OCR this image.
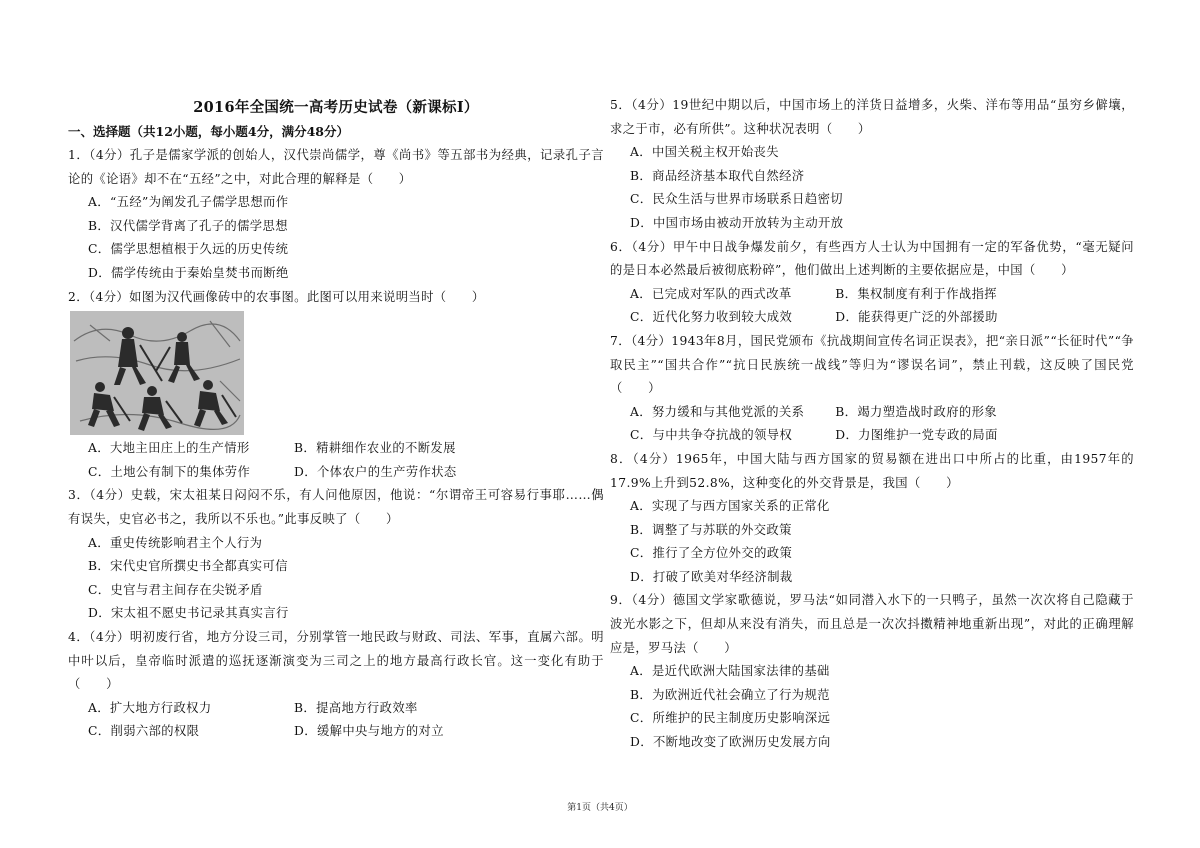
2016年全国统一高考历史试卷（新课标Ⅰ）
一、选择题（共12小题，每小题4分，满分48分）
1．（4分）孔子是儒家学派的创始人，汉代崇尚儒学，尊《尚书》等五部书为经典，记录孔子言论的《论语》却不在“五经”之中，对此合理的解释是（　　）
A．“五经”为阐发孔子儒学思想而作
B．汉代儒学背离了孔子的儒学思想
C．儒学思想植根于久远的历史传统
D．儒学传统由于秦始皇焚书而断绝
2．（4分）如图为汉代画像砖中的农事图。此图可以用来说明当时（　　）
A．大地主田庄上的生产情形	B．精耕细作农业的不断发展
C．土地公有制下的集体劳作	D．个体农户的生产劳作状态
3．（4分）史载，宋太祖某日闷闷不乐，有人问他原因，他说：“尔谓帝王可容易行事耶……偶有误失，史官必书之，我所以不乐也。”此事反映了（　　）
A．重史传统影响君主个人行为
B．宋代史官所撰史书全都真实可信
C．史官与君主间存在尖锐矛盾
D．宋太祖不愿史书记录其真实言行
4．（4分）明初废行省，地方分设三司，分别掌管一地民政与财政、司法、军事，直属六部。明中叶以后，皇帝临时派遣的巡抚逐渐演变为三司之上的地方最高行政长官。这一变化有助于（　　）
A．扩大地方行政权力	B．提高地方行政效率
C．削弱六部的权限	D．缓解中央与地方的对立
5．（4分）19世纪中期以后，中国市场上的洋货日益增多，火柴、洋布等用品“虽穷乡僻壤，求之于市，必有所供”。这种状况表明（　　）
A．中国关税主权开始丧失
B．商品经济基本取代自然经济
C．民众生活与世界市场联系日趋密切
D．中国市场由被动开放转为主动开放
6．（4分）甲午中日战争爆发前夕，有些西方人士认为中国拥有一定的军备优势，“毫无疑问的是日本必然最后被彻底粉碎”，他们做出上述判断的主要依据应是，中国（　　）
A．已完成对军队的西式改革	B．集权制度有利于作战指挥
C．近代化努力收到较大成效	D．能获得更广泛的外部援助
7．（4分）1943年8月，国民党颁布《抗战期间宣传名词正误表》，把“亲日派”“长征时代”“争取民主”“国共合作”“抗日民族统一战线”等归为“谬误名词”，禁止刊载，这反映了国民党（　　）
A．努力缓和与其他党派的关系	B．竭力塑造战时政府的形象
C．与中共争夺抗战的领导权	D．力图维护一党专政的局面
8．（4分）1965年，中国大陆与西方国家的贸易额在进出口中所占的比重，由1957年的17.9%上升到52.8%，这种变化的外交背景是，我国（　　）
A．实现了与西方国家关系的正常化
B．调整了与苏联的外交政策
C．推行了全方位外交的政策
D．打破了欧美对华经济制裁
9．（4分）德国文学家歌德说，罗马法“如同潜入水下的一只鸭子，虽然一次次将自己隐藏于波光水影之下，但却从来没有消失，而且总是一次次抖擞精神地重新出现”，对此的正确理解应是，罗马法（　　）
A．是近代欧洲大陆国家法律的基础
B．为欧洲近代社会确立了行为规范
C．所维护的民主制度历史影响深远
D．不断地改变了欧洲历史发展方向
第1页（共4页）
